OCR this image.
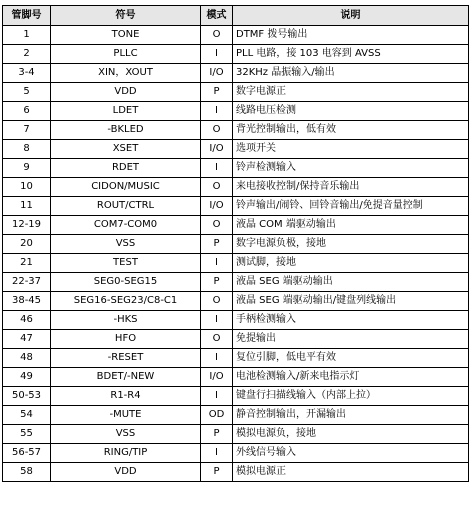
管脚号	符号	模式	说明
1	TONE	O	DTMF 拨号输出
2	PLLC	I	PLL 电路，接 103 电容到 AVSS
3-4	XIN，XOUT	I/O	32KHz 晶振输入/输出
5	VDD	P	数字电源正
6	LDET	I	线路电压检测
7	-BKLED	O	背光控制输出，低有效
8	XSET	I/O	选项开关
9	RDET	I	铃声检测输入
10	CIDON/MUSIC	O	来电接收控制/保持音乐输出
11	ROUT/CTRL	I/O	铃声输出/闹铃、回铃音输出/免提音量控制
12-19	COM7-COM0	O	液晶 COM 端驱动输出
20	VSS	P	数字电源负极，接地
21	TEST	I	测试脚，接地
22-37	SEG0-SEG15	P	液晶 SEG 端驱动输出
38-45	SEG16-SEG23/C8-C1	O	液晶 SEG 端驱动输出/键盘列线输出
46	-HKS	I	手柄检测输入
47	HFO	O	免提输出
48	-RESET	I	复位引脚，低电平有效
49	BDET/-NEW	I/O	电池检测输入/新来电指示灯
50-53	R1-R4	I	键盘行扫描线输入（内部上拉）
54	-MUTE	OD	静音控制输出，开漏输出
55	VSS	P	模拟电源负，接地
56-57	RING/TIP	I	外线信号输入
58	VDD	P	模拟电源正
